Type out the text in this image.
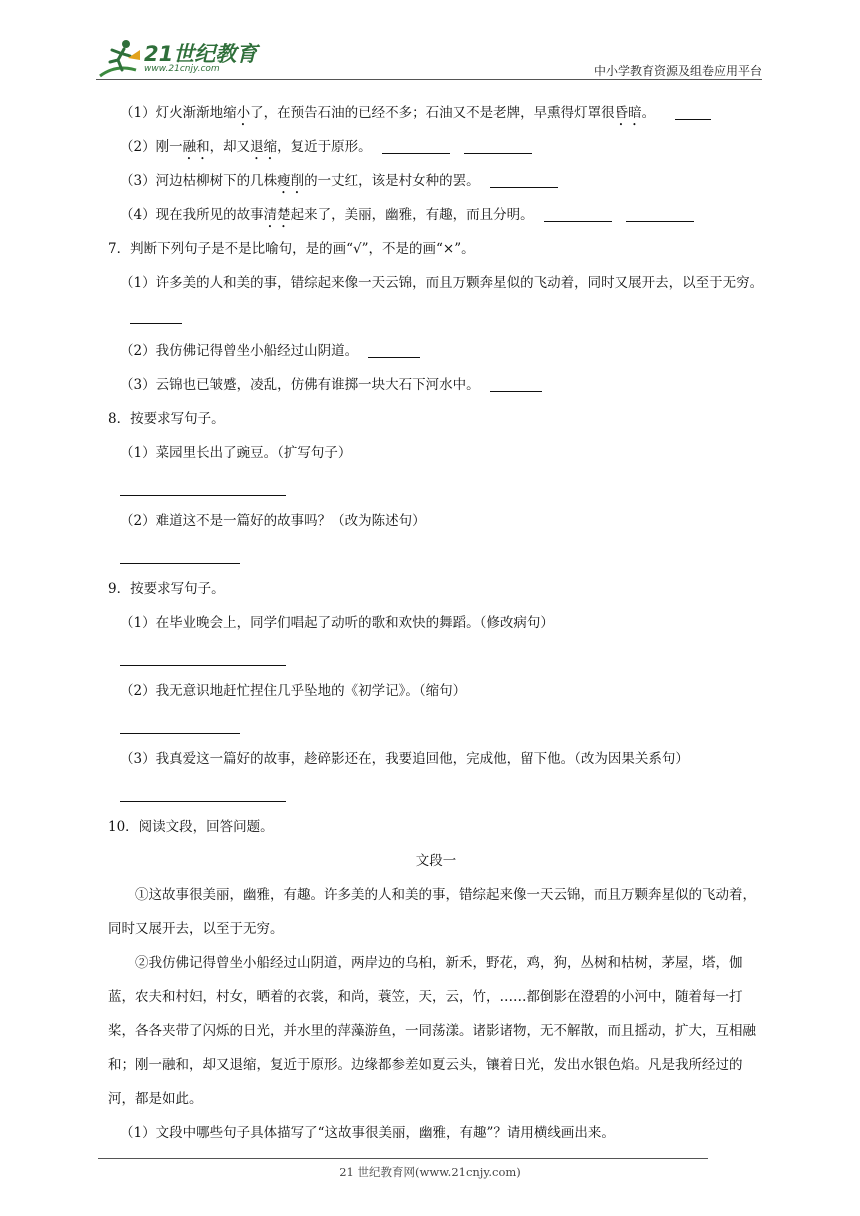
21世纪教育
www.21cnjy.com	中小学教育资源及组卷应用平台
（1）灯火渐渐地缩小了，在预告石油的已经不多；石油又不是老牌，早熏得灯罩很昏暗。
（2）刚一融和，却又退缩，复近于原形。
（3）河边枯柳树下的几株瘦削的一丈红，该是村女种的罢。
（4）现在我所见的故事清楚起来了，美丽，幽雅，有趣，而且分明。
7．判断下列句子是不是比喻句，是的画“√”，不是的画“×”。
（1）许多美的人和美的事，错综起来像一天云锦，而且万颗奔星似的飞动着，同时又展开去，以至于无穷。
（2）我仿佛记得曾坐小船经过山阴道。
（3）云锦也已皱蹙，凌乱，仿佛有谁掷一块大石下河水中。
8．按要求写句子。
（1）菜园里长出了豌豆。（扩写句子）
（2）难道这不是一篇好的故事吗？（改为陈述句）
9．按要求写句子。
（1）在毕业晚会上，同学们唱起了动听的歌和欢快的舞蹈。（修改病句）
（2）我无意识地赶忙捏住几乎坠地的《初学记》。（缩句）
（3）我真爱这一篇好的故事，趁碎影还在，我要追回他，完成他，留下他。（改为因果关系句）
10．阅读文段，回答问题。
文段一
①这故事很美丽，幽雅，有趣。许多美的人和美的事，错综起来像一天云锦，而且万颗奔星似的飞动着，同时又展开去，以至于无穷。
②我仿佛记得曾坐小船经过山阴道，两岸边的乌桕，新禾，野花，鸡，狗，丛树和枯树，茅屋，塔，伽蓝，农夫和村妇，村女，晒着的衣裳，和尚，蓑笠，天，云，竹，……都倒影在澄碧的小河中，随着每一打桨，各各夹带了闪烁的日光，并水里的萍藻游鱼，一同荡漾。诸影诸物，无不解散，而且摇动，扩大，互相融和；刚一融和，却又退缩，复近于原形。边缘都参差如夏云头，镶着日光，发出水银色焰。凡是我所经过的河，都是如此。
（1）文段中哪些句子具体描写了“这故事很美丽，幽雅，有趣”？请用横线画出来。
21 世纪教育网(www.21cnjy.com)
